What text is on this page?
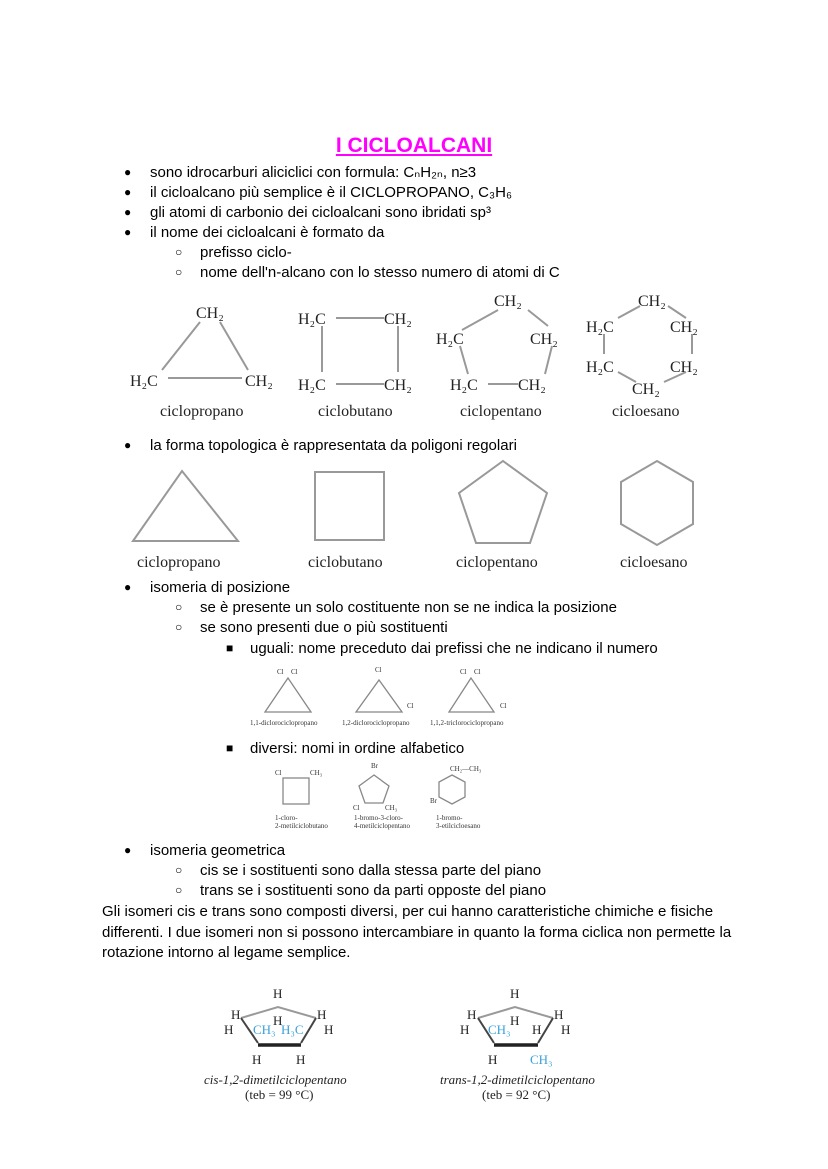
I CICLOALCANI
● sono idrocarburi aliciclici con formula: CₙH₂ₙ, n≥3
● il cicloalcano più semplice è il CICLOPROPANO, C₃H₆
● gli atomi di carbonio dei cicloalcani sono ibridati sp³
● il nome dei cicloalcani è formato da
○ prefisso ciclo-
○ nome dell'n-alcano con lo stesso numero di atomi di C
● la forma topologica è rappresentata da poligoni regolari
● isomeria di posizione
○ se è presente un solo costituente non se ne indica la posizione
○ se sono presenti due o più sostituenti
■ uguali: nome preceduto dai prefissi che ne indicano il numero
■ diversi: nomi in ordine alfabetico
● isomeria geometrica
○ cis se i sostituenti sono dalla stessa parte del piano
○ trans se i sostituenti sono da parti opposte del piano
Gli isomeri cis e trans sono composti diversi, per cui hanno caratteristiche chimiche e fisiche differenti. I due isomeri non si possono intercambiare in quanto la forma ciclica non permette la rotazione intorno al legame semplice.
CH₂
H₂C	CH₂
ciclopropano
H₂C	CH₂
H₂C	CH₂
ciclobutano
CH₂
H₂C	CH₂
H₂C	CH₂
ciclopentano
CH₂
H₂C	CH₂
H₂C	CH₂
CH₂
cicloesano
ciclopropano	ciclobutano	ciclopentano	cicloesano
Cl Cl
1,1-diclorociclopropano
Cl
Cl
1,2-diclorociclopropano
Cl Cl
Cl
1,1,2-triclorociclopropano
Cl	CH₃
1-cloro-
2-metilciclobutano
Br
Cl	CH₃
1-bromo-3-cloro-
4-metilciclopentano
CH₂—CH₃
Br
1-bromo-
3-etilcicloesano
H
H
H
H
H
H
CH₃ H₃C
H	H
cis-1,2-dimetilciclopentano
(teb = 99 °C)
H
H
H
H
H
H
CH₃ H
H	CH₃
trans-1,2-dimetilciclopentano
(teb = 92 °C)
